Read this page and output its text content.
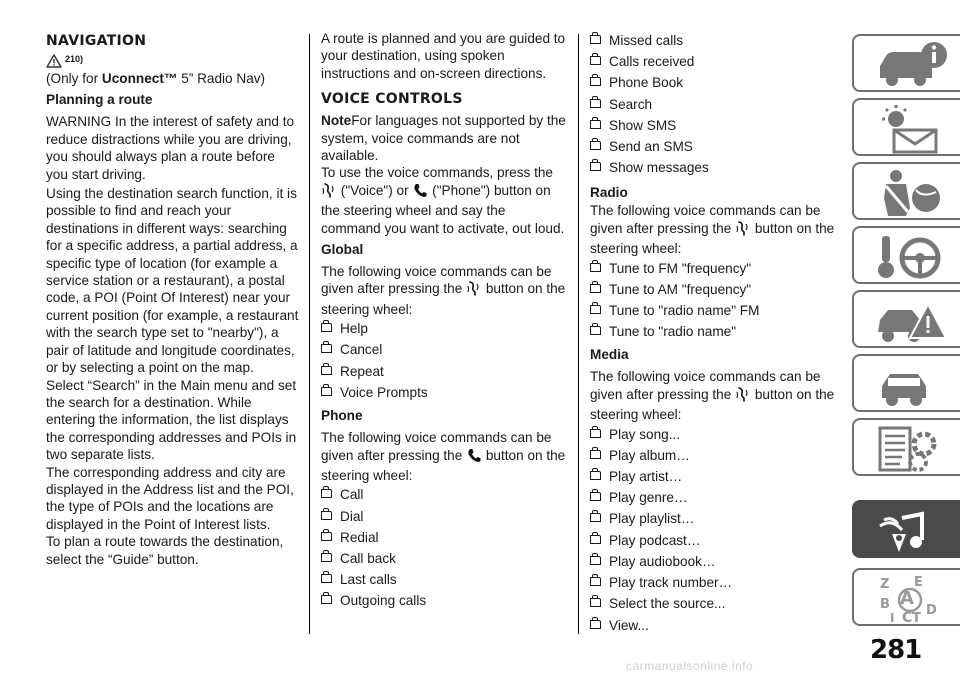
NAVIGATION
210)

(Only for Uconnect™ 5” Radio Nav)

Planning a route

WARNING In the interest of safety and to reduce distractions while you are driving, you should always plan a route before you start driving.

Using the destination search function, it is possible to find and reach your destinations in different ways: searching for a specific address, a partial address, a specific type of location (for example a service station or a restaurant), a postal code, a POI (Point Of Interest) near your current position (for example, a restaurant with the search type set to "nearby"), a pair of latitude and longitude coordinates, or by selecting a point on the map.

Select “Search” in the Main menu and set the search for a destination. While entering the information, the list displays the corresponding addresses and POIs in two separate lists.

The corresponding address and city are displayed in the Address list and the POI, the type of POIs and the locations are displayed in the Point of Interest lists.

To plan a route towards the destination, select the “Guide” button.

A route is planned and you are guided to your destination, using spoken instructions and on-screen directions.

VOICE CONTROLS

NoteFor languages not supported by the system, voice commands are not available.

To use the voice commands, press the  ("Voice") or  ("Phone") button on the steering wheel and say the command you want to activate, out loud.

Global

The following voice commands can be given after pressing the  button on the steering wheel:

Help
Cancel
Repeat
Voice Prompts
Phone

The following voice commands can be given after pressing the  button on the steering wheel:

Call
Dial
Redial
Call back
Last calls
Outgoing calls
Missed calls
Calls received
Phone Book
Search
Show SMS
Send an SMS
Show messages
Radio

The following voice commands can be given after pressing the  button on the steering wheel:

Tune to FM "frequency"
Tune to AM "frequency"
Tune to "radio name" FM
Tune to "radio name"
Media

The following voice commands can be given after pressing the  button on the steering wheel:

Play song...
Play album…
Play artist…
Play genre…
Play playlist…
Play podcast…
Play audiobook…
Play track number…
Select the source...
View...
Z E
A
B	D
I C T
281
carmanualsonline.info
